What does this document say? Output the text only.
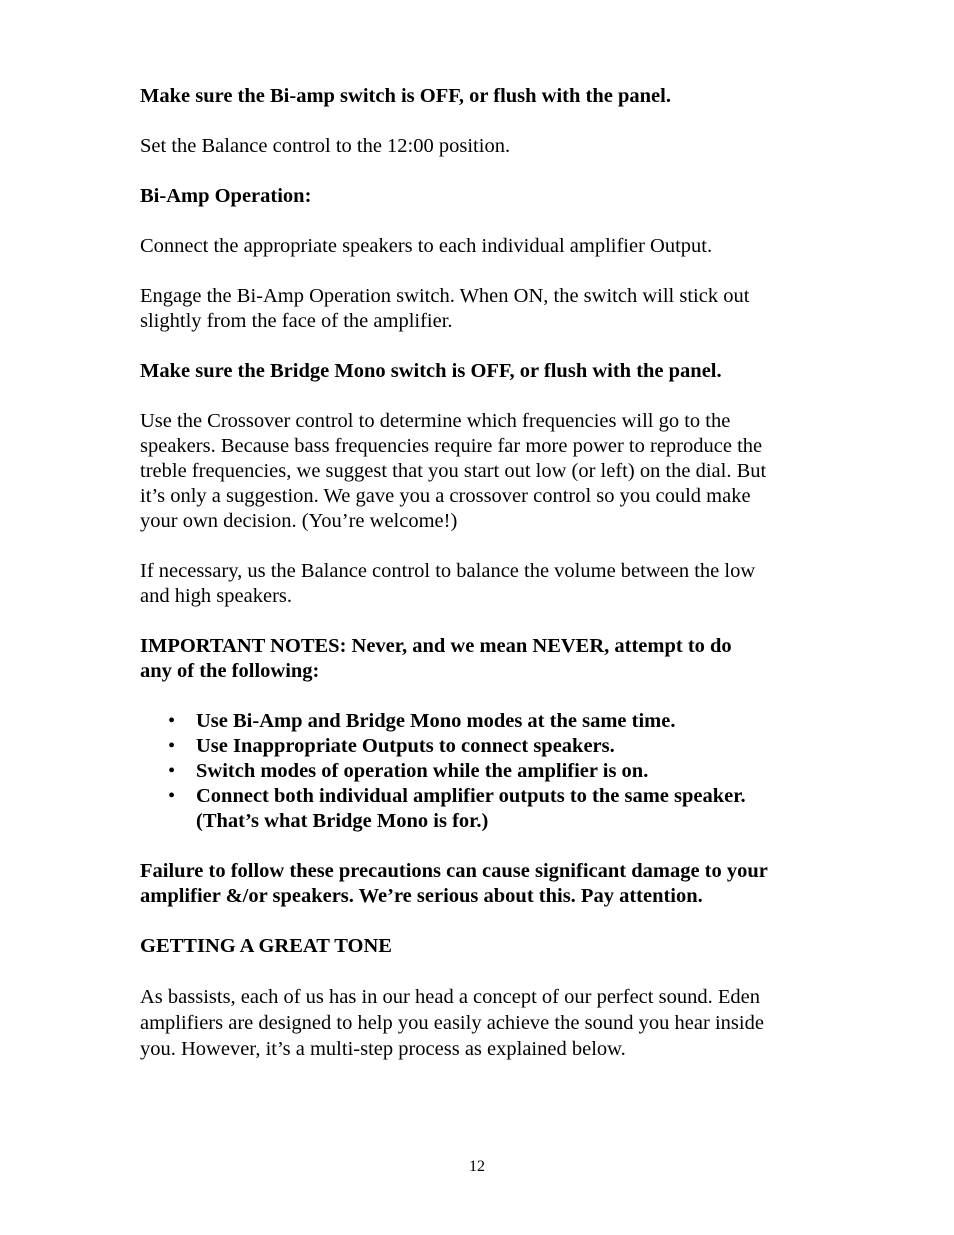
Make sure the Bi-amp switch is OFF, or flush with the panel.
Set the Balance control to the 12:00 position.
Bi-Amp Operation:
Connect the appropriate speakers to each individual amplifier Output.
Engage the Bi-Amp Operation switch. When ON, the switch will stick out
slightly from the face of the amplifier.
Make sure the Bridge Mono switch is OFF, or flush with the panel.
Use the Crossover control to determine which frequencies will go to the
speakers. Because bass frequencies require far more power to reproduce the
treble frequencies, we suggest that you start out low (or left) on the dial. But
it’s only a suggestion. We gave you a crossover control so you could make
your own decision. (You’re welcome!)
If necessary, us the Balance control to balance the volume between the low
and high speakers.
IMPORTANT NOTES: Never, and we mean NEVER, attempt to do
any of the following:
• Use Bi-Amp and Bridge Mono modes at the same time.
• Use Inappropriate Outputs to connect speakers.
• Switch modes of operation while the amplifier is on.
• Connect both individual amplifier outputs to the same speaker.
(That’s what Bridge Mono is for.)
Failure to follow these precautions can cause significant damage to your
amplifier &/or speakers. We’re serious about this. Pay attention.
GETTING A GREAT TONE
As bassists, each of us has in our head a concept of our perfect sound. Eden
amplifiers are designed to help you easily achieve the sound you hear inside
you. However, it’s a multi-step process as explained below.
12
